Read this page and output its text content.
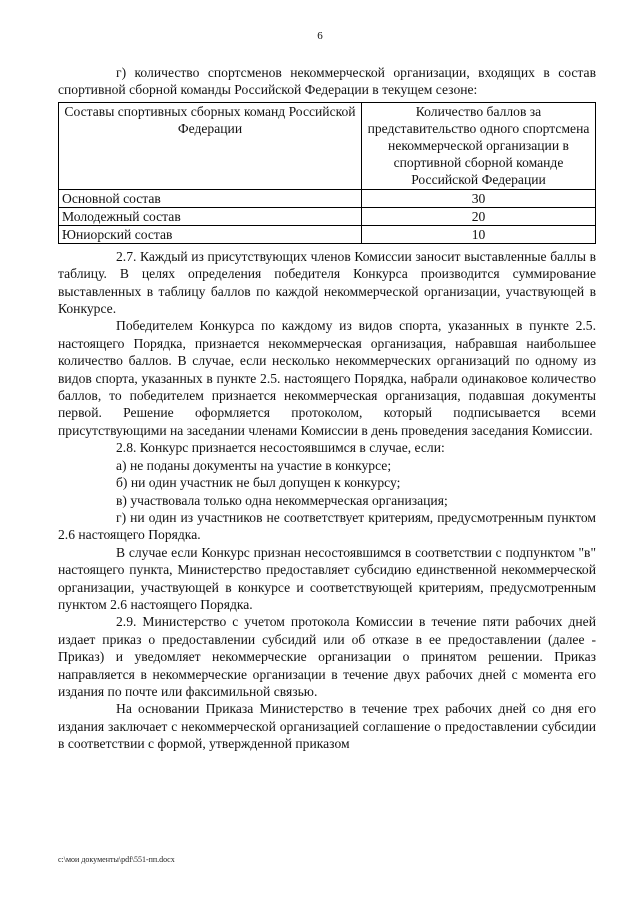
6

г) количество спортсменов некоммерческой организации, входящих в состав спортивной сборной команды Российской Федерации в текущем сезоне:

Составы спортивных сборных команд Российской Федерации	Количество баллов за представительство одного спортсмена некоммерческой организации в спортивной сборной команде Российской Федерации
Основной состав	30
Молодежный состав	20
Юниорский состав	10

2.7. Каждый из присутствующих членов Комиссии заносит выставленные баллы в таблицу. В целях определения победителя Конкурса производится суммирование выставленных в таблицу баллов по каждой некоммерческой организации, участвующей в Конкурсе.

Победителем Конкурса по каждому из видов спорта, указанных в пункте 2.5. настоящего Порядка, признается некоммерческая организация, набравшая наибольшее количество баллов. В случае, если несколько некоммерческих организаций по одному из видов спорта, указанных в пункте 2.5. настоящего Порядка, набрали одинаковое количество баллов, то победителем признается некоммерческая организация, подавшая документы первой. Решение оформляется протоколом, который подписывается всеми присутствующими на заседании членами Комиссии в день проведения заседания Комиссии.

2.8. Конкурс признается несостоявшимся в случае, если:

а) не поданы документы на участие в конкурсе;

б) ни один участник не был допущен к конкурсу;

в) участвовала только одна некоммерческая организация;

г) ни один из участников не соответствует критериям, предусмотренным пунктом 2.6 настоящего Порядка.

В случае если Конкурс признан несостоявшимся в соответствии с подпунктом "в" настоящего пункта, Министерство предоставляет субсидию единственной некоммерческой организации, участвующей в конкурсе и соответствующей критериям, предусмотренным пунктом 2.6 настоящего Порядка.

2.9. Министерство с учетом протокола Комиссии в течение пяти рабочих дней издает приказ о предоставлении субсидий или об отказе в ее предоставлении (далее - Приказ) и уведомляет некоммерческие организации о принятом решении. Приказ направляется в некоммерческие организации в течение двух рабочих дней с момента его издания по почте или факсимильной связью.

На основании Приказа Министерство в течение трех рабочих дней со дня его издания заключает с некоммерческой организацией соглашение о предоставлении субсидии в соответствии с формой, утвержденной приказом

c:\мои документы\pdf\551-пп.docx
